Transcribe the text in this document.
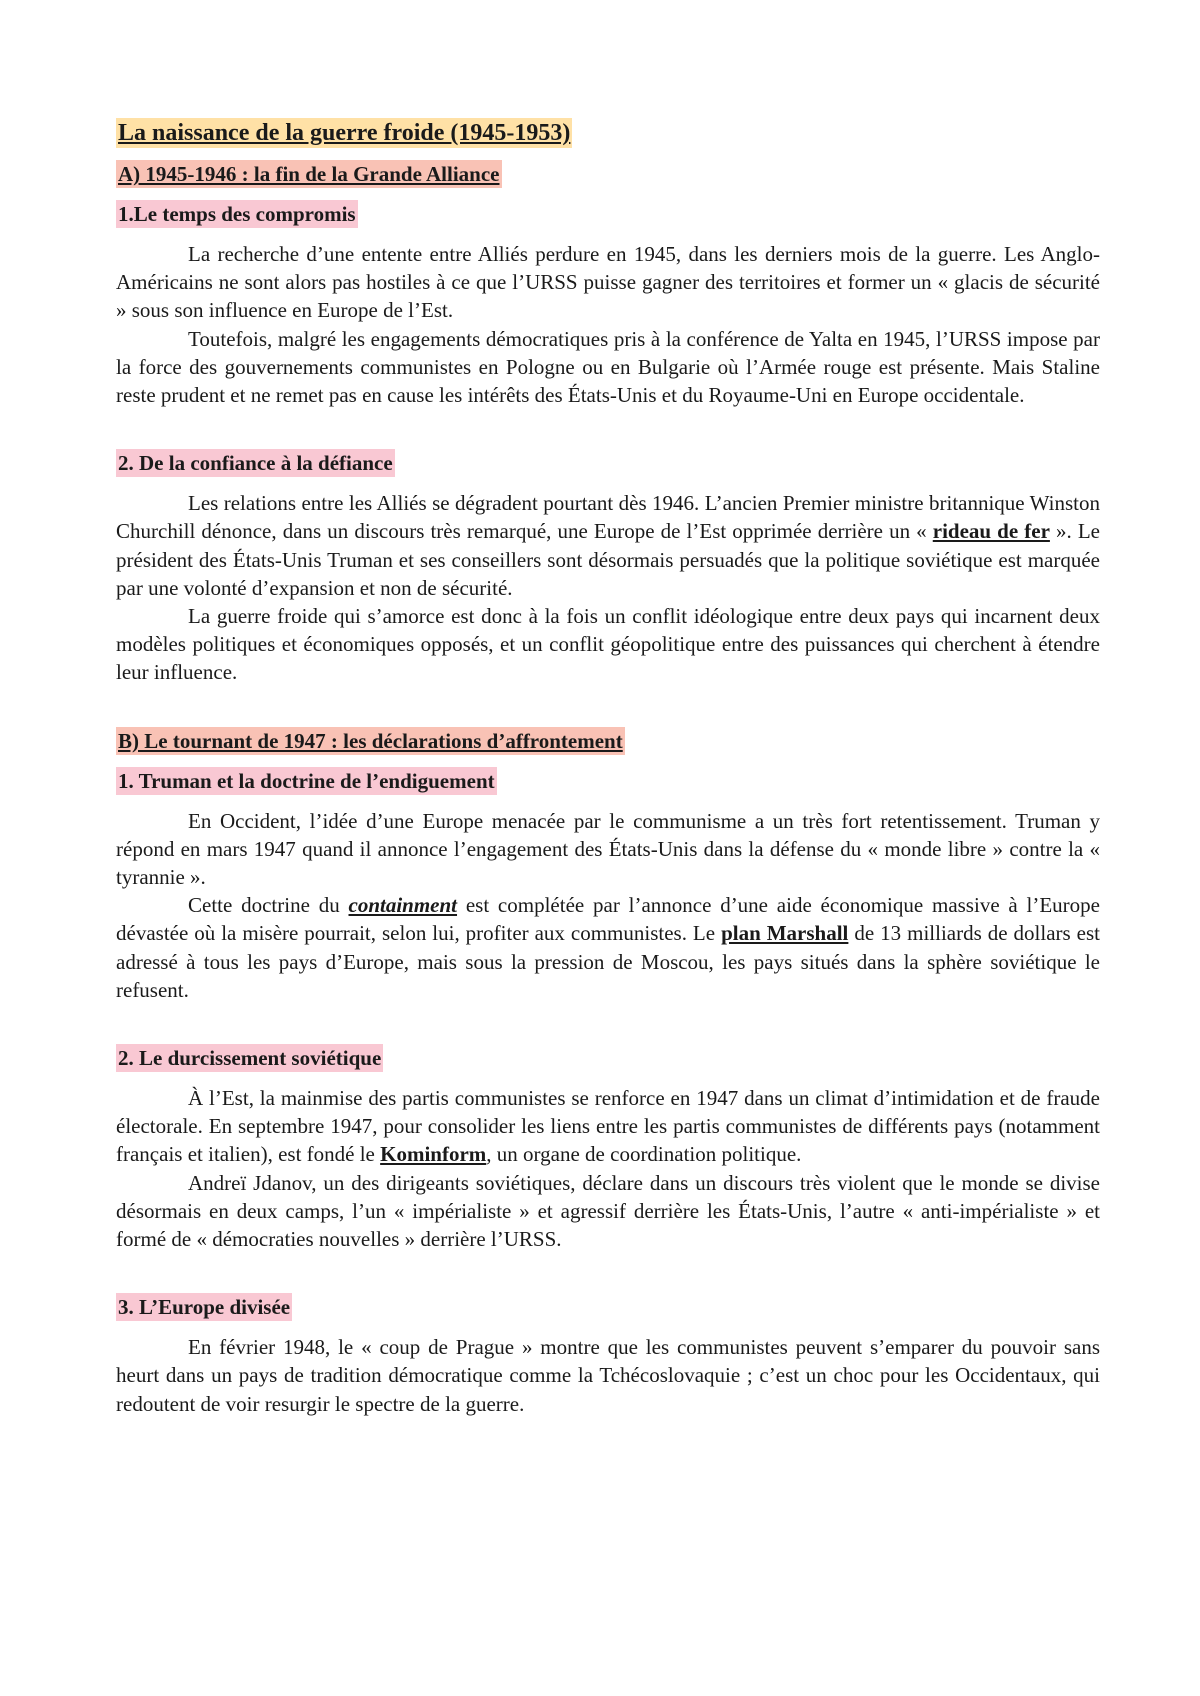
La naissance de la guerre froide (1945-1953)
A) 1945-1946 : la fin de la Grande Alliance
1.Le temps des compromis

La recherche d’une entente entre Alliés perdure en 1945, dans les derniers mois de la guerre. Les Anglo-Américains ne sont alors pas hostiles à ce que l’URSS puisse gagner des territoires et former un « glacis de sécurité » sous son influence en Europe de l’Est.

Toutefois, malgré les engagements démocratiques pris à la conférence de Yalta en 1945, l’URSS impose par la force des gouvernements communistes en Pologne ou en Bulgarie où l’Armée rouge est présente. Mais Staline reste prudent et ne remet pas en cause les intérêts des États-Unis et du Royaume-Uni en Europe occidentale.

2. De la confiance à la défiance

Les relations entre les Alliés se dégradent pourtant dès 1946. L’ancien Premier ministre britannique Winston Churchill dénonce, dans un discours très remarqué, une Europe de l’Est opprimée derrière un « rideau de fer ». Le président des États-Unis Truman et ses conseillers sont désormais persuadés que la politique soviétique est marquée par une volonté d’expansion et non de sécurité.

La guerre froide qui s’amorce est donc à la fois un conflit idéologique entre deux pays qui incarnent deux modèles politiques et économiques opposés, et un conflit géopolitique entre des puissances qui cherchent à étendre leur influence.

B) Le tournant de 1947 : les déclarations d’affrontement
1. Truman et la doctrine de l’endiguement

En Occident, l’idée d’une Europe menacée par le communisme a un très fort retentissement. Truman y répond en mars 1947 quand il annonce l’engagement des États-Unis dans la défense du « monde libre » contre la « tyrannie ».

Cette doctrine du containment est complétée par l’annonce d’une aide économique massive à l’Europe dévastée où la misère pourrait, selon lui, profiter aux communistes. Le plan Marshall de 13 milliards de dollars est adressé à tous les pays d’Europe, mais sous la pression de Moscou, les pays situés dans la sphère soviétique le refusent.

2. Le durcissement soviétique

À l’Est, la mainmise des partis communistes se renforce en 1947 dans un climat d’intimidation et de fraude électorale. En septembre 1947, pour consolider les liens entre les partis communistes de différents pays (notamment français et italien), est fondé le Kominform, un organe de coordination politique.

Andreï Jdanov, un des dirigeants soviétiques, déclare dans un discours très violent que le monde se divise désormais en deux camps, l’un « impérialiste » et agressif derrière les États-Unis, l’autre « anti-impérialiste » et formé de « démocraties nouvelles » derrière l’URSS.

3. L’Europe divisée

En février 1948, le « coup de Prague » montre que les communistes peuvent s’emparer du pouvoir sans heurt dans un pays de tradition démocratique comme la Tchécoslovaquie ; c’est un choc pour les Occidentaux, qui redoutent de voir resurgir le spectre de la guerre.
